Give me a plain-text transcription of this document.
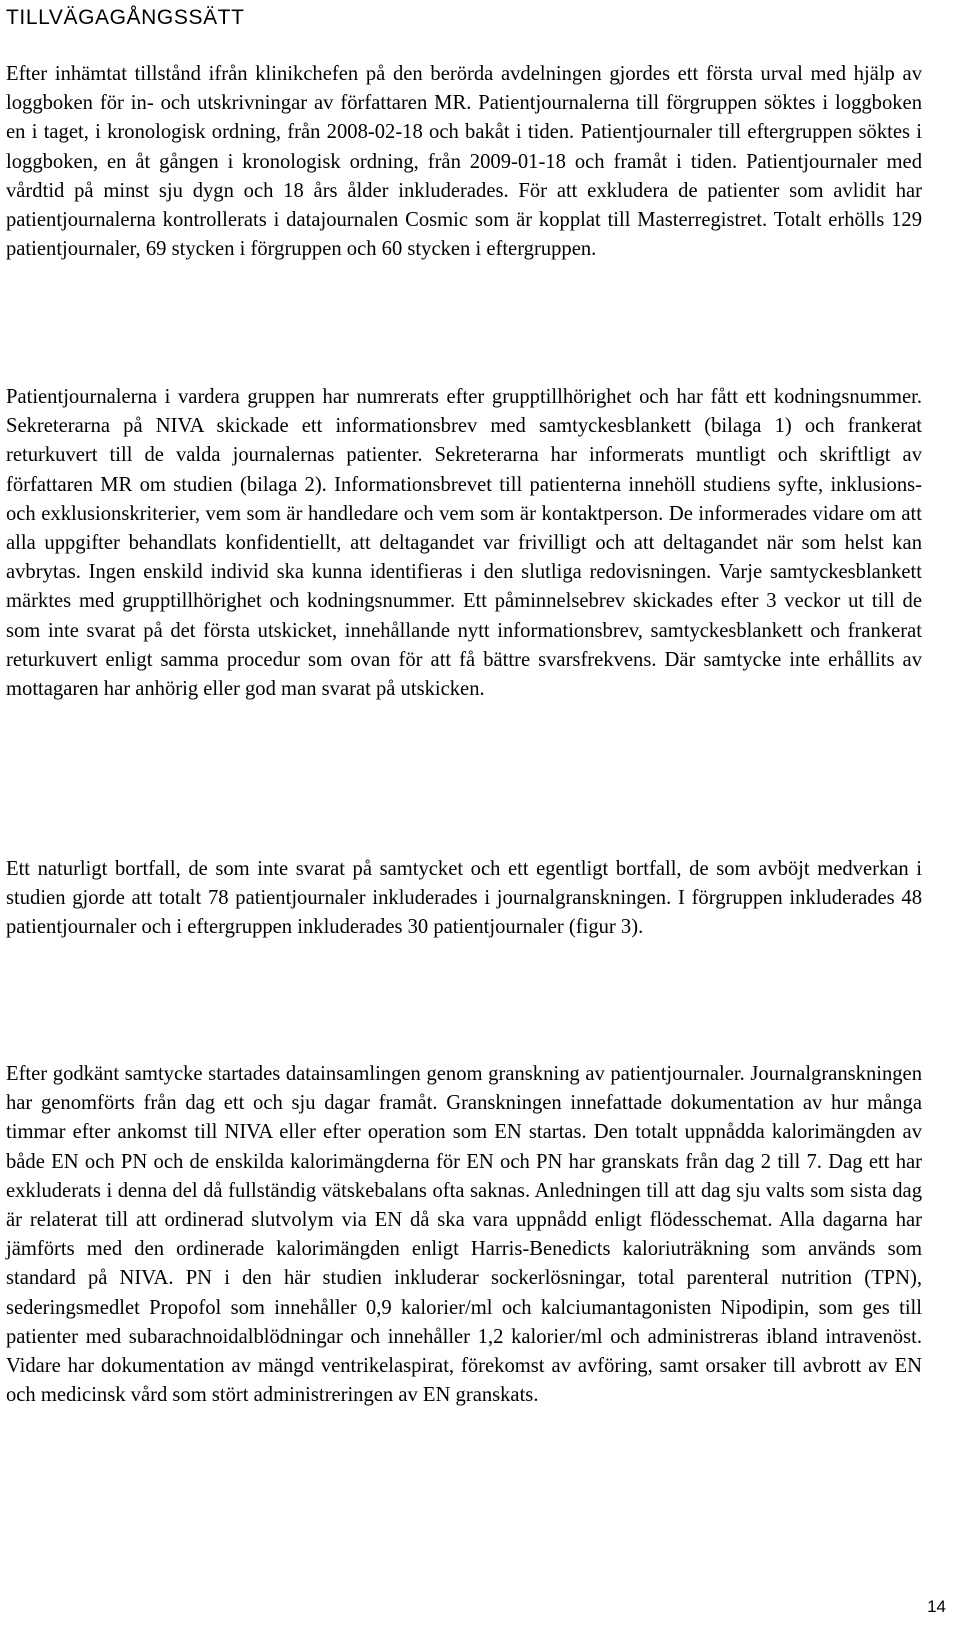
TILLVÄGAGÅNGSSÄTT

Efter inhämtat tillstånd ifrån klinikchefen på den berörda avdelningen gjordes ett första urval med hjälp av loggboken för in- och utskrivningar av författaren MR. Patientjournalerna till förgruppen söktes i loggboken en i taget, i kronologisk ordning, från 2008-02-18 och bakåt i tiden. Patientjournaler till eftergruppen söktes i loggboken, en åt gången i kronologisk ordning, från 2009-01-18 och framåt i tiden. Patientjournaler med vårdtid på minst sju dygn och 18 års ålder inkluderades. För att exkludera de patienter som avlidit har patientjournalerna kontrollerats i datajournalen Cosmic som är kopplat till Masterregistret. Totalt erhölls 129 patientjournaler, 69 stycken i förgruppen och 60 stycken i eftergruppen.

Patientjournalerna i vardera gruppen har numrerats efter grupptillhörighet och har fått ett kodningsnummer. Sekreterarna på NIVA skickade ett informationsbrev med samtyckesblankett (bilaga 1) och frankerat returkuvert till de valda journalernas patienter. Sekreterarna har informerats muntligt och skriftligt av författaren MR om studien (bilaga 2). Informationsbrevet till patienterna innehöll studiens syfte, inklusions- och exklusionskriterier, vem som är handledare och vem som är kontaktperson. De informerades vidare om att alla uppgifter behandlats konfidentiellt, att deltagandet var frivilligt och att deltagandet när som helst kan avbrytas. Ingen enskild individ ska kunna identifieras i den slutliga redovisningen. Varje samtyckesblankett märktes med grupptillhörighet och kodningsnummer. Ett påminnelsebrev skickades efter 3 veckor ut till de som inte svarat på det första utskicket, innehållande nytt informationsbrev, samtyckesblankett och frankerat returkuvert enligt samma procedur som ovan för att få bättre svarsfrekvens. Där samtycke inte erhållits av mottagaren har anhörig eller god man svarat på utskicken.

Ett naturligt bortfall, de som inte svarat på samtycket och ett egentligt bortfall, de som avböjt medverkan i studien gjorde att totalt 78 patientjournaler inkluderades i journalgranskningen. I förgruppen inkluderades 48 patientjournaler och i eftergruppen inkluderades 30 patientjournaler (figur 3).

Efter godkänt samtycke startades datainsamlingen genom granskning av patientjournaler. Journalgranskningen har genomförts från dag ett och sju dagar framåt. Granskningen innefattade dokumentation av hur många timmar efter ankomst till NIVA eller efter operation som EN startas. Den totalt uppnådda kalorimängden av både EN och PN och de enskilda kalorimängderna för EN och PN har granskats från dag 2 till 7. Dag ett har exkluderats i denna del då fullständig vätskebalans ofta saknas. Anledningen till att dag sju valts som sista dag är relaterat till att ordinerad slutvolym via EN då ska vara uppnådd enligt flödesschemat. Alla dagarna har jämförts med den ordinerade kalorimängden enligt Harris-Benedicts kaloriuträkning som används som standard på NIVA. PN i den här studien inkluderar sockerlösningar, total parenteral nutrition (TPN), sederingsmedlet Propofol som innehåller 0,9 kalorier/ml och kalciumantagonisten Nipodipin, som ges till patienter med subarachnoidalblödningar och innehåller 1,2 kalorier/ml och administreras ibland intravenöst. Vidare har dokumentation av mängd ventrikelaspirat, förekomst av avföring, samt orsaker till avbrott av EN och medicinsk vård som stört administreringen av EN granskats.

14
